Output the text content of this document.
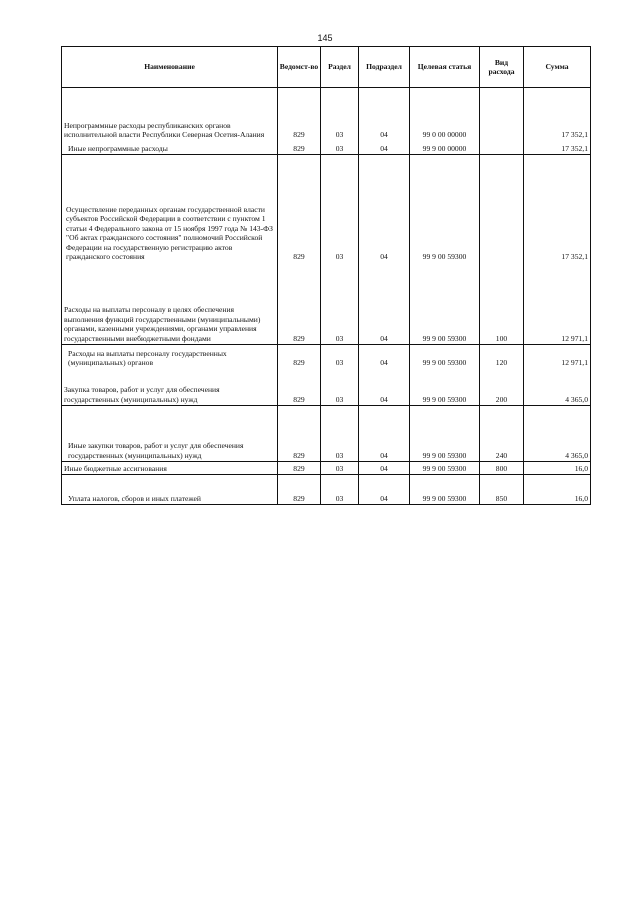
145
Наименование	Ведомст-во	Раздел	Подраздел	Целевая статья	Вид расхода	Сумма
Непрограммные расходы республиканских органов исполнительной власти Республики Северная Осетия-Алания	829	03	04	99 0 00 00000		17 352,1
Иные непрограммные расходы	829	03	04	99 9 00 00000		17 352,1
Осуществление переданных органам государственной власти субъектов Российской Федерации в соответствии с пунктом 1 статьи 4 Федерального закона от 15 ноября 1997 года № 143-ФЗ "Об актах гражданского состояния" полномочий Российской Федерации на государственную регистрацию актов гражданского состояния	829	03	04	99 9 00 59300		17 352,1
Расходы на выплаты персоналу в целях обеспечения выполнения функций государственными (муниципальными) органами, казенными учреждениями, органами управления государственными внебюджетными фондами	829	03	04	99 9 00 59300	100	12 971,1
Расходы на выплаты персоналу государственных (муниципальных) органов	829	03	04	99 9 00 59300	120	12 971,1
Закупка товаров, работ и услуг для обеспечения государственных (муниципальных) нужд	829	03	04	99 9 00 59300	200	4 365,0
Иные закупки товаров, работ и услуг для обеспечения государственных (муниципальных) нужд	829	03	04	99 9 00 59300	240	4 365,0
Иные бюджетные ассигнования	829	03	04	99 9 00 59300	800	16,0
Уплата налогов, сборов и иных платежей	829	03	04	99 9 00 59300	850	16,0
